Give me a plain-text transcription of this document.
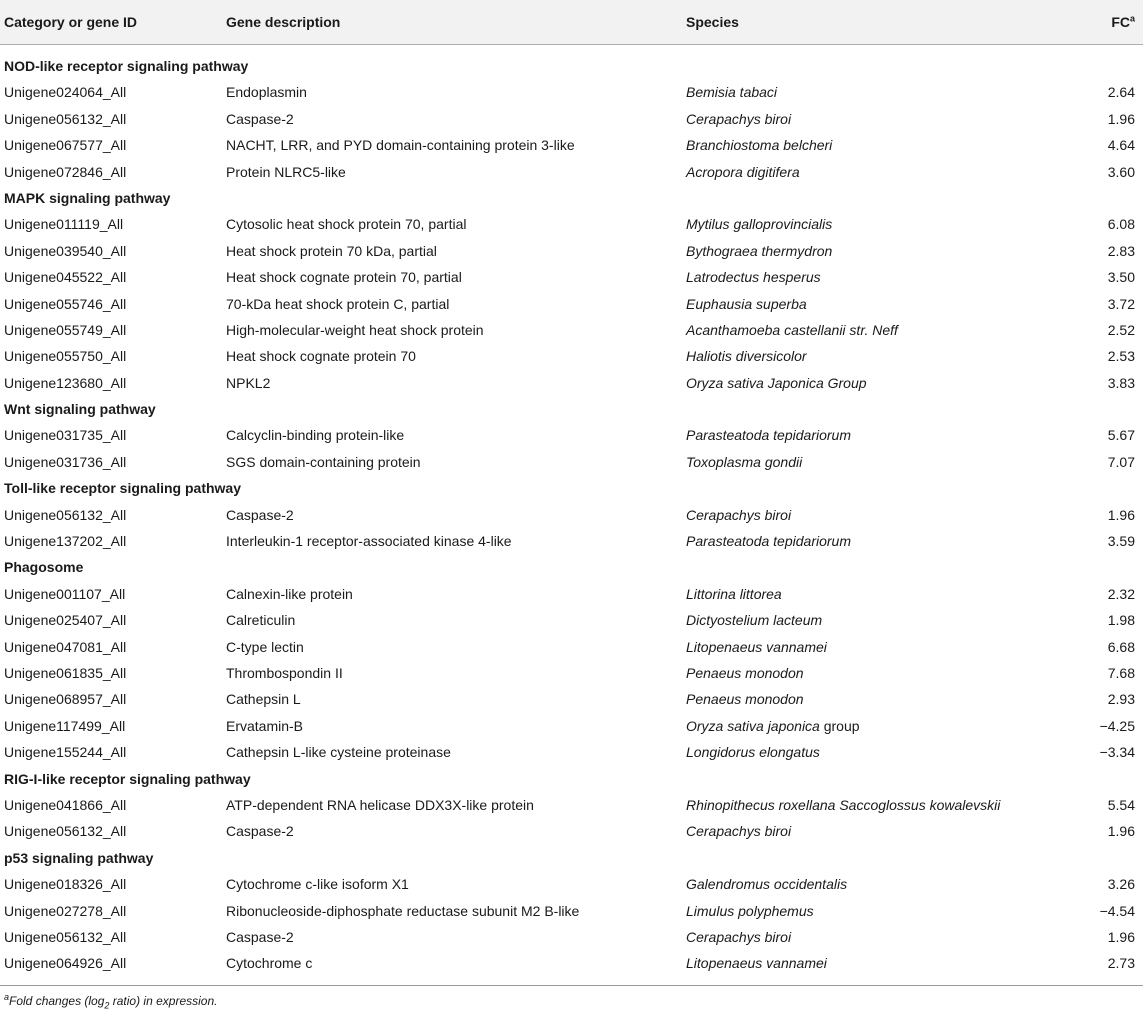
Category or gene ID	Gene description	Species	$FC^a$
NOD-like receptor signaling pathway
Unigene024064_All	Endoplasmin	Bemisia tabaci	2.64
Unigene056132_All	Caspase-2	Cerapachys biroi	1.96
Unigene067577_All	NACHT, LRR, and PYD domain-containing protein 3-like	Branchiostoma belcheri	4.64
Unigene072846_All	Protein NLRC5-like	Acropora digitifera	3.60
MAPK signaling pathway
Unigene011119_All	Cytosolic heat shock protein 70, partial	Mytilus galloprovincialis	6.08
Unigene039540_All	Heat shock protein 70 kDa, partial	Bythograea thermydron	2.83
Unigene045522_All	Heat shock cognate protein 70, partial	Latrodectus hesperus	3.50
Unigene055746_All	70-kDa heat shock protein C, partial	Euphausia superba	3.72
Unigene055749_All	High-molecular-weight heat shock protein	Acanthamoeba castellanii str. Neff	2.52
Unigene055750_All	Heat shock cognate protein 70	Haliotis diversicolor	2.53
Unigene123680_All	NPKL2	Oryza sativa Japonica Group	3.83
Wnt signaling pathway
Unigene031735_All	Calcyclin-binding protein-like	Parasteatoda tepidariorum	5.67
Unigene031736_All	SGS domain-containing protein	Toxoplasma gondii	7.07
Toll-like receptor signaling pathway
Unigene056132_All	Caspase-2	Cerapachys biroi	1.96
Unigene137202_All	Interleukin-1 receptor-associated kinase 4-like	Parasteatoda tepidariorum	3.59
Phagosome
Unigene001107_All	Calnexin-like protein	Littorina littorea	2.32
Unigene025407_All	Calreticulin	Dictyostelium lacteum	1.98
Unigene047081_All	C-type lectin	Litopenaeus vannamei	6.68
Unigene061835_All	Thrombospondin II	Penaeus monodon	7.68
Unigene068957_All	Cathepsin L	Penaeus monodon	2.93
Unigene117499_All	Ervatamin-B	Oryza sativa japonica group	−4.25
Unigene155244_All	Cathepsin L-like cysteine proteinase	Longidorus elongatus	−3.34
RIG-I-like receptor signaling pathway
Unigene041866_All	ATP-dependent RNA helicase DDX3X-like protein	Rhinopithecus roxellana Saccoglossus kowalevskii	5.54
Unigene056132_All	Caspase-2	Cerapachys biroi	1.96
p53 signaling pathway
Unigene018326_All	Cytochrome c-like isoform X1	Galendromus occidentalis	3.26
Unigene027278_All	Ribonucleoside-diphosphate reductase subunit M2 B-like	Limulus polyphemus	−4.54
Unigene056132_All	Caspase-2	Cerapachys biroi	1.96
Unigene064926_All	Cytochrome c	Litopenaeus vannamei	2.73
$^a$Fold changes ($\log_2$ ratio) in expression.
